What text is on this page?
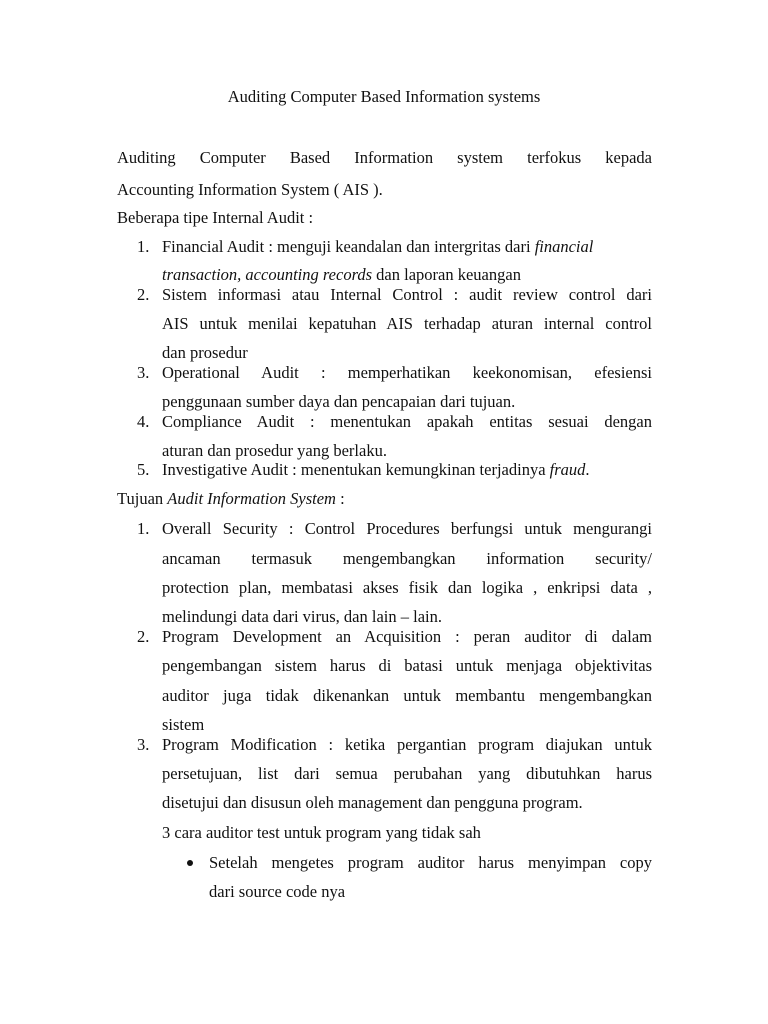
Auditing Computer Based Information systems
Auditing Computer Based Information system terfokus kepada
Accounting Information System ( AIS ).
Beberapa tipe Internal Audit :
1. Financial Audit : menguji keandalan dan intergritas dari financial
transaction, accounting records dan laporan keuangan
2. Sistem informasi atau Internal Control : audit review control dari
AIS untuk menilai kepatuhan AIS terhadap aturan internal control
dan prosedur
3. Operational Audit : memperhatikan keekonomisan, efesiensi
penggunaan sumber daya dan pencapaian dari tujuan.
4. Compliance Audit : menentukan apakah entitas sesuai dengan
aturan dan prosedur yang berlaku.
5. Investigative Audit : menentukan kemungkinan terjadinya fraud.
Tujuan Audit Information System :
1. Overall Security : Control Procedures berfungsi untuk mengurangi
ancaman termasuk mengembangkan information security/
protection plan, membatasi akses fisik dan logika , enkripsi data ,
melindungi data dari virus, dan lain – lain.
2. Program Development an Acquisition : peran auditor di dalam
pengembangan sistem harus di batasi untuk menjaga objektivitas
auditor juga tidak dikenankan untuk membantu mengembangkan
sistem
3. Program Modification : ketika pergantian program diajukan untuk
persetujuan, list dari semua perubahan yang dibutuhkan harus
disetujui dan disusun oleh management dan pengguna program.
3 cara auditor test untuk program yang tidak sah
Setelah mengetes program auditor harus menyimpan copy
dari source code nya
